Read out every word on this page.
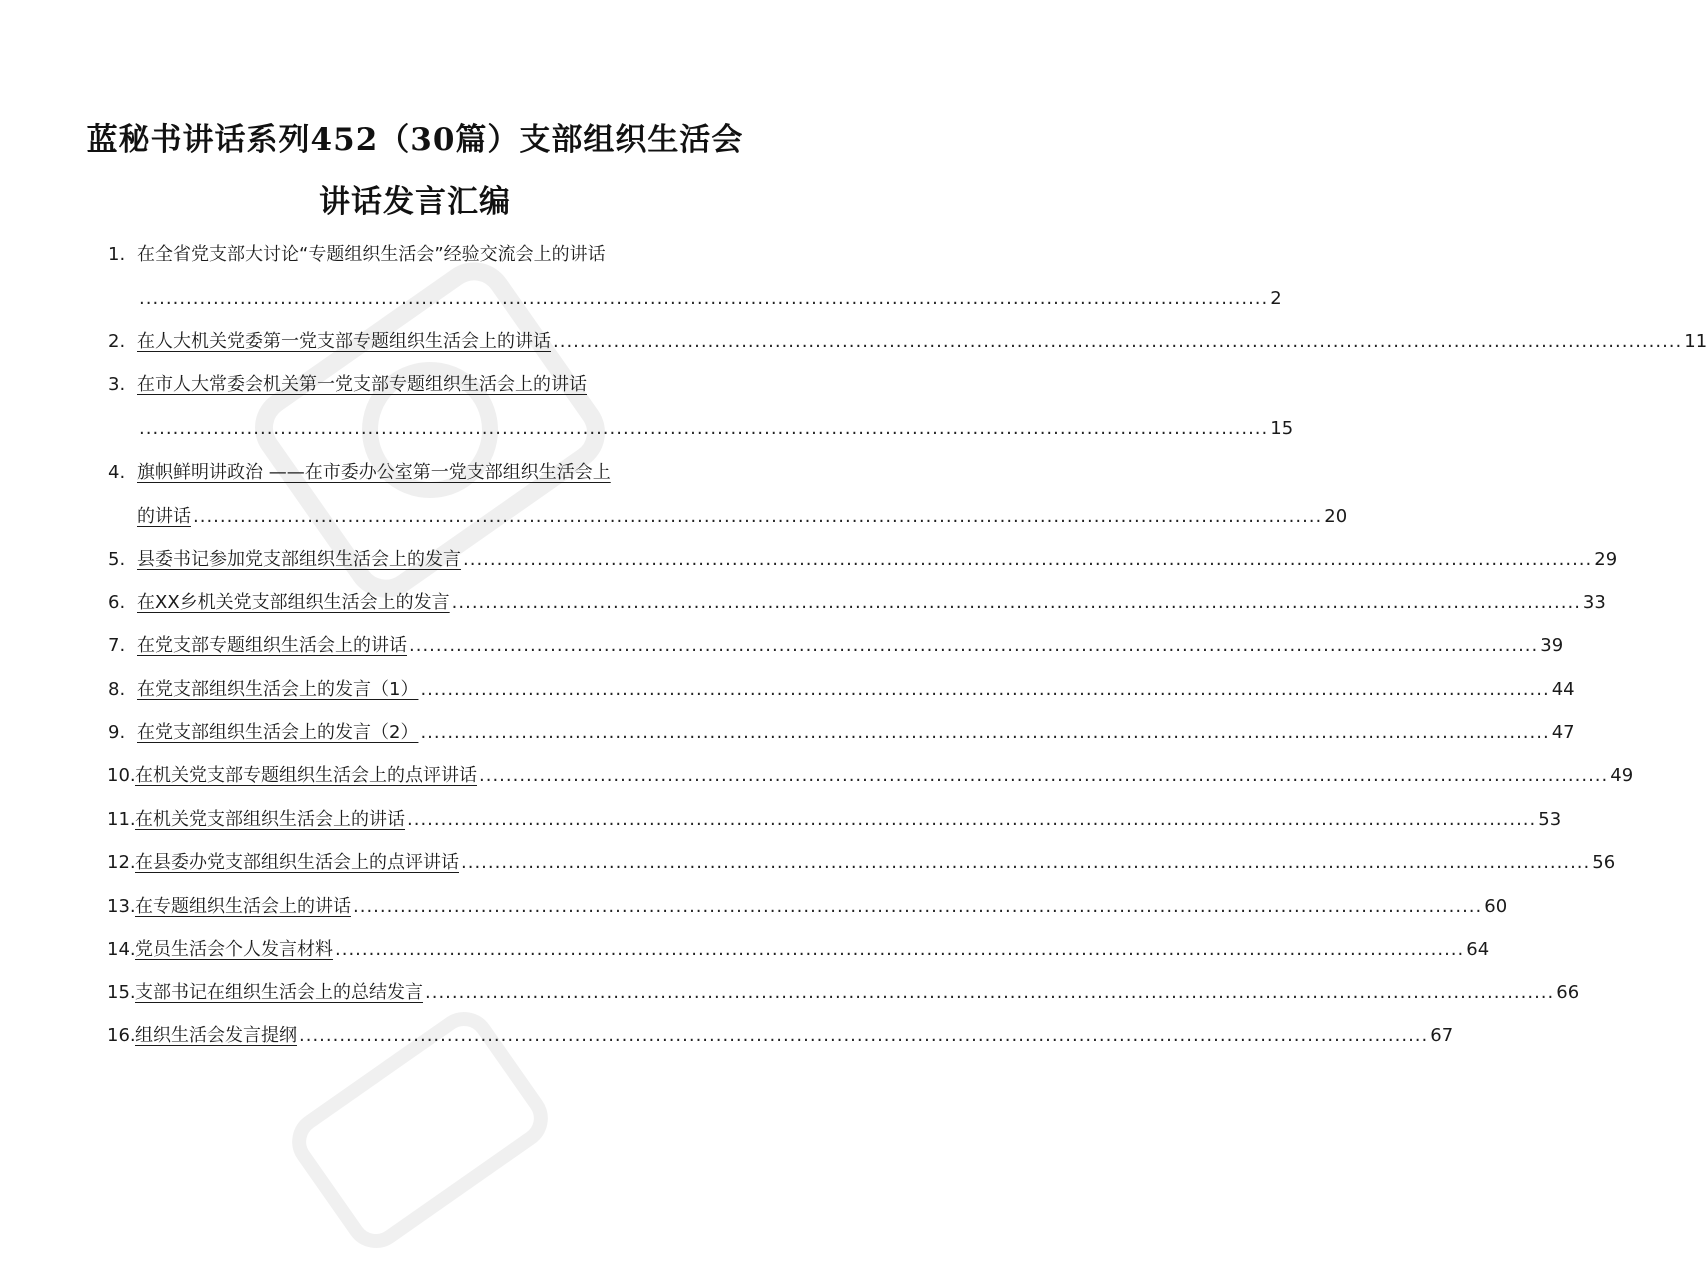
蓝秘书讲话系列452（30篇）支部组织生活会
讲话发言汇编
1. 在全省党支部大讨论“专题组织生活会”经验交流会上的讲话
........................................................................................................................................................................ 2
2. 在人大机关党委第一党支部专题组织生活会上的讲话 ........................................................................................................................................................................ 11
3. 在市人大常委会机关第一党支部专题组织生活会上的讲话
........................................................................................................................................................................ 15
4. 旗帜鲜明讲政治 ——在市委办公室第一党支部组织生活会上
的讲话 ........................................................................................................................................................................ 20
5. 县委书记参加党支部组织生活会上的发言 ........................................................................................................................................................................ 29
6. 在XX乡机关党支部组织生活会上的发言 ........................................................................................................................................................................ 33
7. 在党支部专题组织生活会上的讲话 ........................................................................................................................................................................ 39
8. 在党支部组织生活会上的发言（1） ........................................................................................................................................................................ 44
9. 在党支部组织生活会上的发言（2） ........................................................................................................................................................................ 47
10. 在机关党支部专题组织生活会上的点评讲话 ........................................................................................................................................................................ 49
11. 在机关党支部组织生活会上的讲话 ........................................................................................................................................................................ 53
12. 在县委办党支部组织生活会上的点评讲话 ........................................................................................................................................................................ 56
13. 在专题组织生活会上的讲话 ........................................................................................................................................................................ 60
14. 党员生活会个人发言材料 ........................................................................................................................................................................ 64
15. 支部书记在组织生活会上的总结发言 ........................................................................................................................................................................ 66
16. 组织生活会发言提纲 ........................................................................................................................................................................ 67
